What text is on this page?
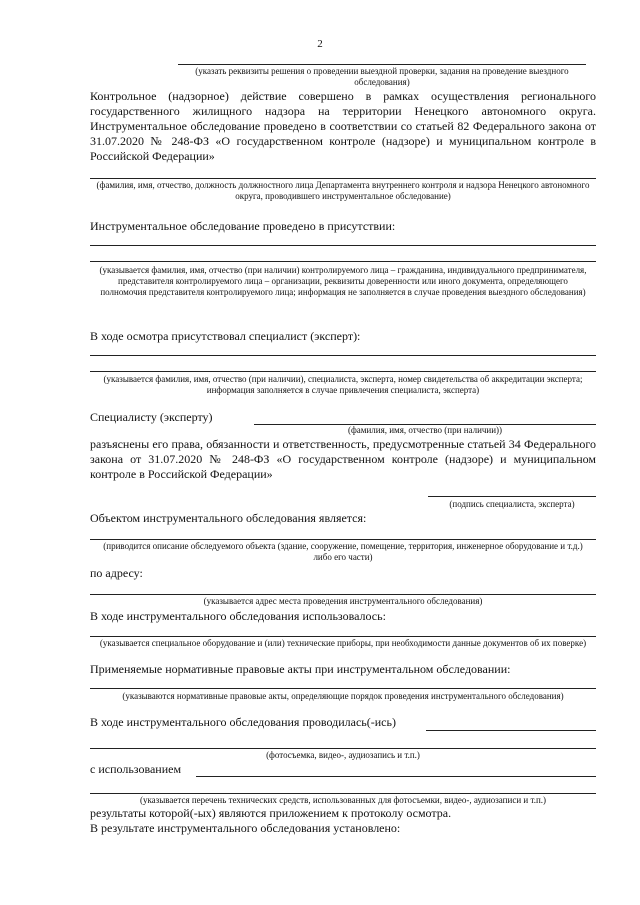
2
(указать реквизиты решения о проведении выездной проверки, задания на проведение выездного обследования)
Контрольное (надзорное) действие совершено в рамках осуществления регионального государственного жилищного надзора на территории Ненецкого автономного округа. Инструментальное обследование проведено в соответствии со статьей 82 Федерального закона от 31.07.2020 № 248-ФЗ «О государственном контроле (надзоре) и муниципальном контроле в Российской Федерации»
(фамилия, имя, отчество, должность должностного лица Департамента внутреннего контроля и надзора Ненецкого автономного округа, проводившего инструментальное обследование)
Инструментальное обследование проведено в присутствии:
(указывается фамилия, имя, отчество (при наличии) контролируемого лица – гражданина, индивидуального предпринимателя, представителя контролируемого лица – организации, реквизиты доверенности или иного документа, определяющего полномочия представителя контролируемого лица; информация не заполняется в случае проведения выездного обследования)
В ходе осмотра присутствовал специалист (эксперт):
(указывается фамилия, имя, отчество (при наличии), специалиста, эксперта, номер свидетельства об аккредитации эксперта; информация заполняется в случае привлечения специалиста, эксперта)
Специалисту (эксперту)
(фамилия, имя, отчество (при наличии))
разъяснены его права, обязанности и ответственность, предусмотренные статьей 34 Федерального закона от 31.07.2020 № 248-ФЗ «О государственном контроле (надзоре) и муниципальном контроле в Российской Федерации»
(подпись специалиста, эксперта)
Объектом инструментального обследования является:
(приводится описание обследуемого объекта (здание, сооружение, помещение, территория, инженерное оборудование и т.д.) либо его части)
по адресу:
(указывается адрес места проведения инструментального обследования)
В ходе инструментального обследования использовалось:
(указывается специальное оборудование и (или) технические приборы, при необходимости данные документов об их поверке)
Применяемые нормативные правовые акты при инструментальном обследовании:
(указываются нормативные правовые акты, определяющие порядок проведения инструментального обследования)
В ходе инструментального обследования проводилась(-ись)
(фотосъемка, видео-, аудиозапись и т.п.)
с использованием
(указывается перечень технических средств, использованных для фотосъемки, видео-, аудиозаписи и т.п.)
результаты которой(-ых) являются приложением к протоколу осмотра.
В результате инструментального обследования установлено:
